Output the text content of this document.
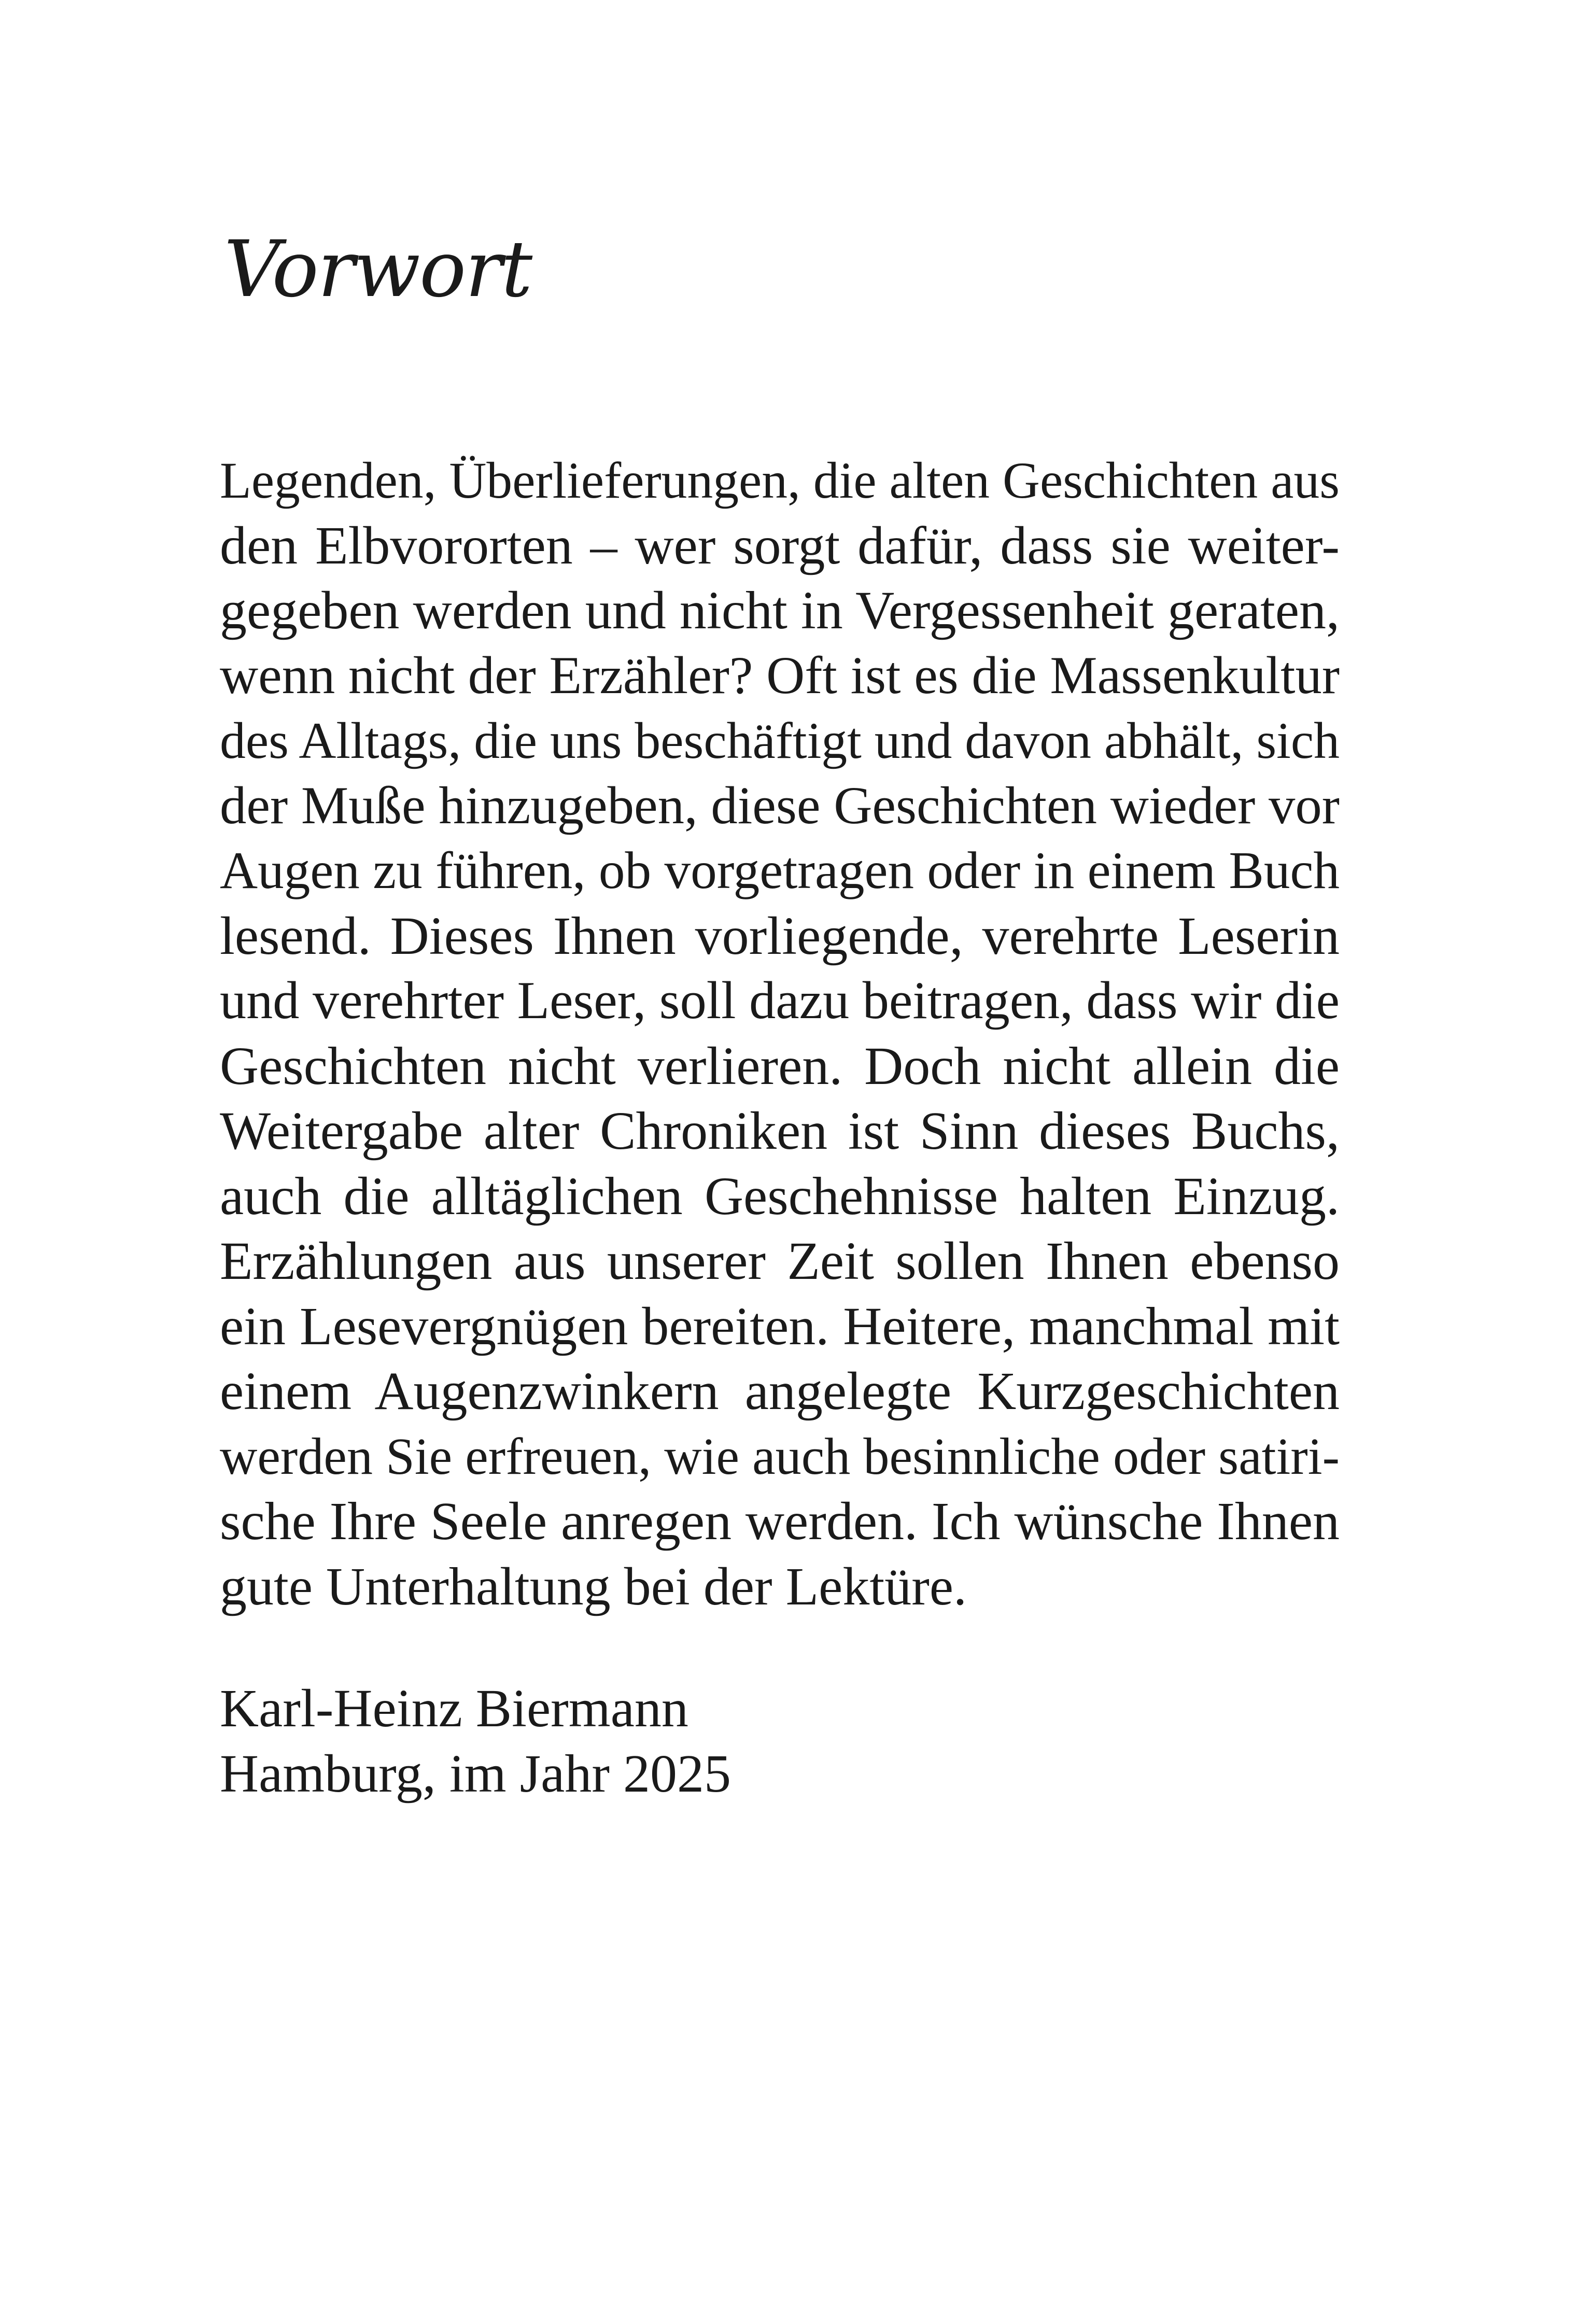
Vorwort

Legenden, Überlieferungen, die alten Geschichten aus
den Elbvororten – wer sorgt dafür, dass sie weiter-
gegeben werden und nicht in Vergessenheit geraten,
wenn nicht der Erzähler? Oft ist es die Massenkultur
des Alltags, die uns beschäftigt und davon abhält, sich
der Muße hinzugeben, diese Geschichten wieder vor
Augen zu führen, ob vorgetragen oder in einem Buch
lesend. Dieses Ihnen vorliegende, verehrte Leserin
und verehrter Leser, soll dazu beitragen, dass wir die
Geschichten nicht verlieren. Doch nicht allein die
Weitergabe alter Chroniken ist Sinn dieses Buchs,
auch die alltäglichen Geschehnisse halten Einzug.
Erzählungen aus unserer Zeit sollen Ihnen ebenso
ein Lesevergnügen bereiten. Heitere, manchmal mit
einem Augenzwinkern angelegte Kurzgeschichten
werden Sie erfreuen, wie auch besinnliche oder satiri-
sche Ihre Seele anregen werden. Ich wünsche Ihnen
gute Unterhaltung bei der Lektüre.

Karl-Heinz Biermann
Hamburg, im Jahr 2025
